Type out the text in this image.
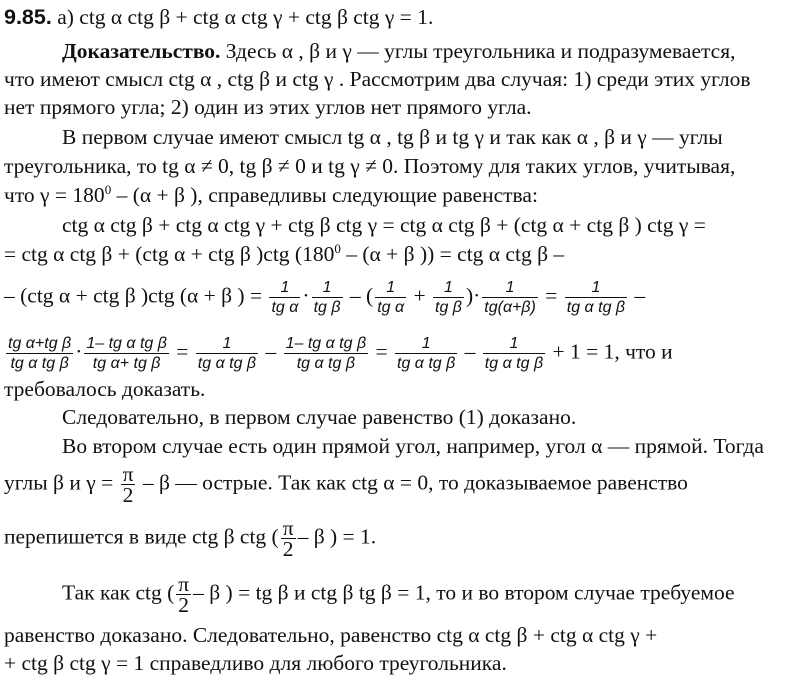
9.85. а) ctg α ctg β + ctg α ctg γ + ctg β ctg γ = 1.
Доказательство. Здесь α , β и γ — углы треугольника и подразумевается,
что имеют смысл ctg α , ctg β и ctg γ . Рассмотрим два случая: 1) среди этих углов
нет прямого угла; 2) один из этих углов нет прямого угла.
В первом случае имеют смысл tg α , tg β и tg γ и так как α , β и γ — углы
треугольника, то tg α ≠ 0, tg β ≠ 0 и tg γ ≠ 0. Поэтому для таких углов, учитывая,
что $\gamma = 180^0 - (\alpha + \beta$ ), справедливы следующие равенства:
ctg α ctg β + ctg α ctg γ + ctg β ctg γ = ctg α ctg β + (ctg α + ctg β ) ctg γ =
= ctg α ctg β + (ctg α + ctg β )ctg ($180^0 - (\alpha + \beta$ )) = ctg α ctg β –
– (ctg α + ctg β )ctg (α + β ) = $\frac{1}{\text{tg α}} \cdot \frac{1}{\text{tg β}}$ – ( $\frac{1}{\text{tg α}} + \frac{1}{\text{tg β}}$ )· $\frac{1}{tg(\alpha+\beta)} = \frac{1}{\text{tg α tg β}}$ –
$\frac{\text{tg α+tg β}}{\text{tg α tg β}} \cdot \frac{\text{1– tg α tg β}}{\text{tg α+ tg β}} = \frac{1}{\text{tg α tg β}} - \frac{\text{1– tg α tg β}}{\text{tg α tg β}} = \frac{1}{\text{tg α tg β}} - \frac{1}{\text{tg α tg β}} + 1 = 1$, что и
требовалось доказать.
Следовательно, в первом случае равенство (1) доказано.
Во втором случае есть один прямой угол, например, угол α — прямой. Тогда
углы β и $\gamma = \frac{\pi}{2} - \beta$ — острые. Так как ctg α = 0, то доказываемое равенство
перепишется в виде ctg β ctg ( $\frac{\pi}{2}$ – β ) = 1.
Так как ctg ( $\frac{\pi}{2}$ – β ) = tg β и ctg β tg β = 1, то и во втором случае требуемое
равенство доказано. Следовательно, равенство ctg α ctg β + ctg α ctg γ +
+ ctg β ctg γ = 1 справедливо для любого треугольника.
